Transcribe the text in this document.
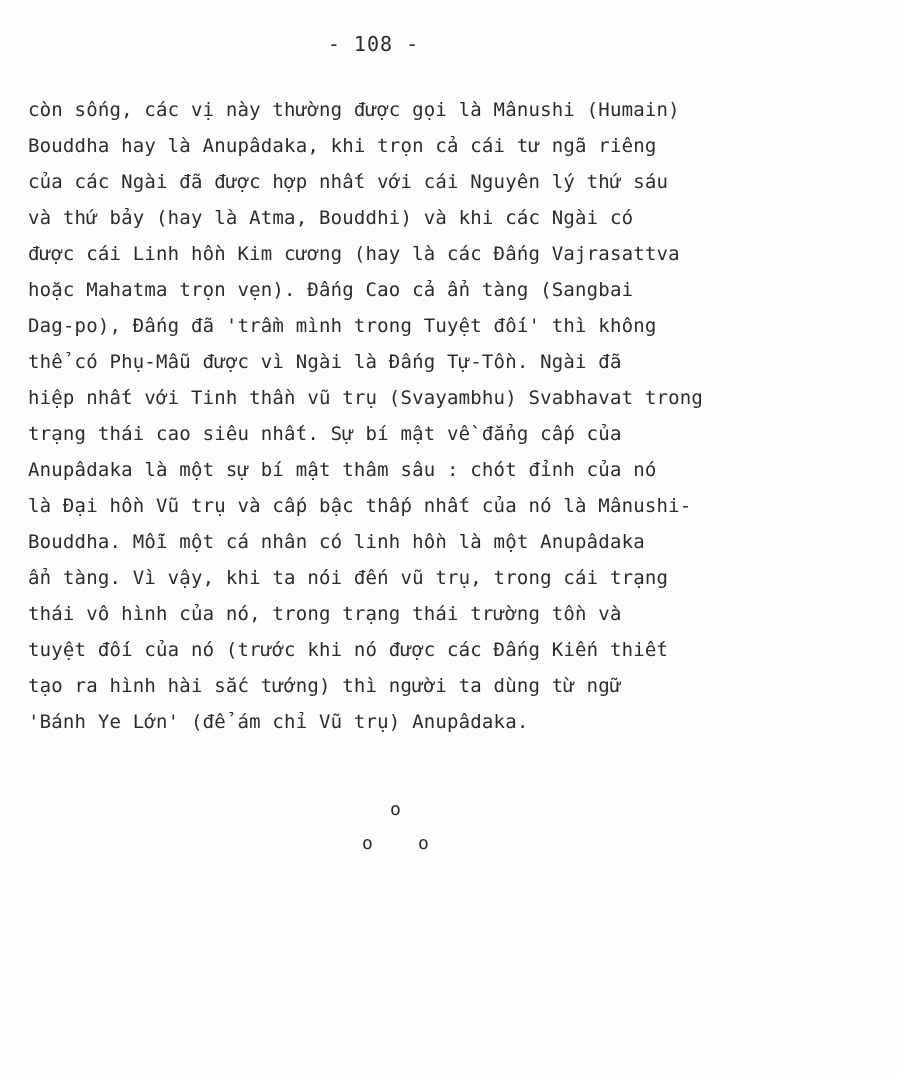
- 108 -
còn sống, các vị này thường được gọi là Mânushi (Humain)
Bouddha hay là Anupâdaka, khi trọn cả cái tư ngã riêng
của các Ngài đã được hợp nhất với cái Nguyên lý thứ sáu
và thứ bảy (hay là Atma, Bouddhi) và khi các Ngài có
được cái Linh hồn Kim cương (hay là các Đấng Vajrasattva
hoặc Mahatma trọn vẹn). Đấng Cao cả ẩn tàng (Sangbai
Dag-po), Đấng đã 'trầm mình trong Tuyệt đối' thì không
thể có Phụ-Mẫu được vì Ngài là Đấng Tự-Tồn. Ngài đã
hiệp nhất với Tinh thần vũ trụ (Svayambhu) Svabhavat trong
trạng thái cao siêu nhất. Sự bí mật về đẳng cấp của
Anupâdaka là một sự bí mật thâm sâu : chót đỉnh của nó
là Đại hồn Vũ trụ và cấp bậc thấp nhất của nó là Mânushi-
Bouddha. Mỗi một cá nhân có linh hồn là một Anupâdaka
ẩn tàng. Vì vậy, khi ta nói đến vũ trụ, trong cái trạng
thái vô hình của nó, trong trạng thái trường tồn và
tuyệt đối của nó (trước khi nó được các Đấng Kiến thiết
tạo ra hình hài sắc tướng) thì người ta dùng từ ngữ
'Bánh Ye Lớn' (để ám chỉ Vũ trụ) Anupâdaka.
o
o	o
